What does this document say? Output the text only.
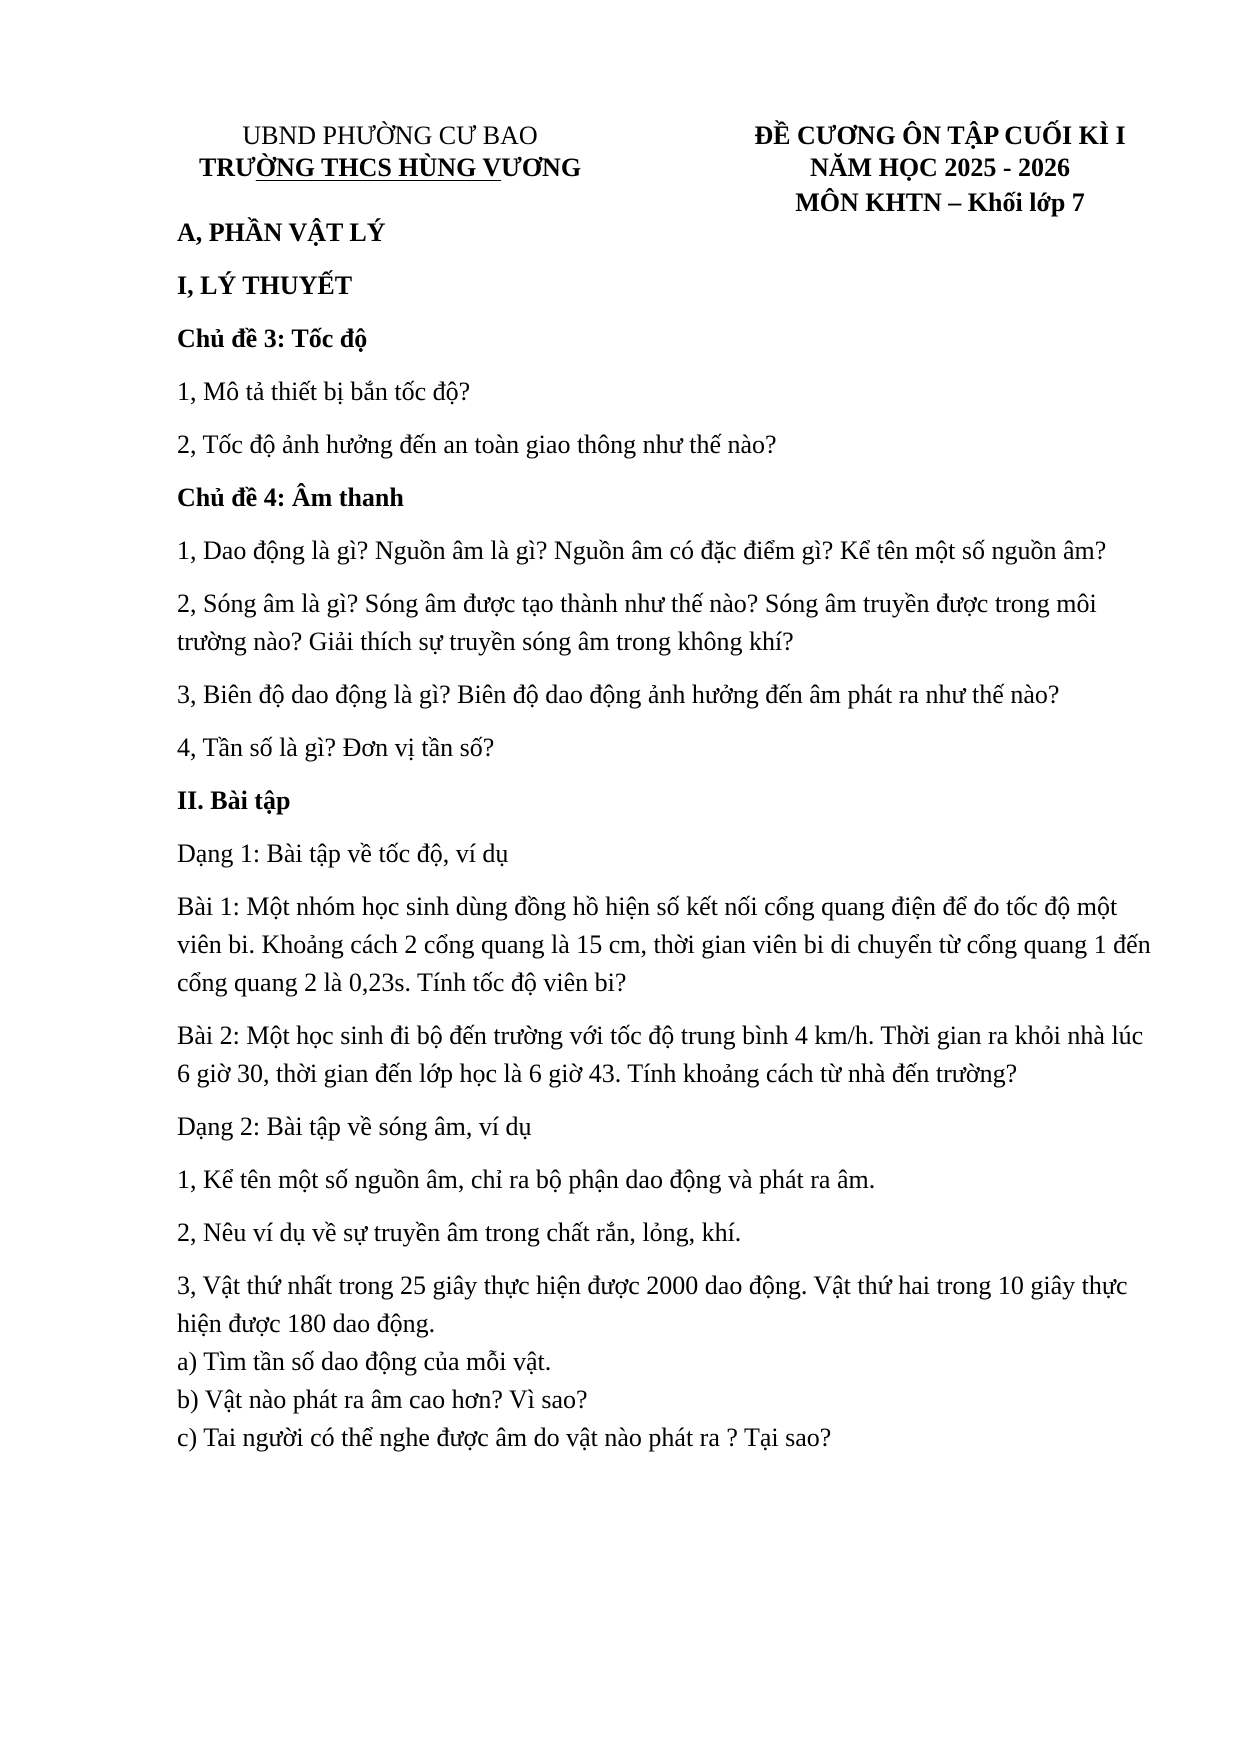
UBND PHƯỜNG CƯ BAO
TRƯỜNG THCS HÙNG VƯƠNG
ĐỀ CƯƠNG ÔN TẬP CUỐI KÌ I
NĂM HỌC 2025 - 2026
MÔN KHTN – Khối lớp 7

A, PHẦN VẬT LÝ

I, LÝ THUYẾT

Chủ đề 3: Tốc độ

1, Mô tả thiết bị bắn tốc độ?

2, Tốc độ ảnh hưởng đến an toàn giao thông như thế nào?

Chủ đề 4: Âm thanh

1, Dao động là gì? Nguồn âm là gì? Nguồn âm có đặc điểm gì? Kể tên một số nguồn âm?

2, Sóng âm là gì? Sóng âm được tạo thành như thế nào? Sóng âm truyền được trong môi trường nào? Giải thích sự truyền sóng âm trong không khí?

3, Biên độ dao động là gì? Biên độ dao động ảnh hưởng đến âm phát ra như thế nào?

4, Tần số là gì? Đơn vị tần số?

II. Bài tập

Dạng 1: Bài tập về tốc độ, ví dụ

Bài 1: Một nhóm học sinh dùng đồng hồ hiện số kết nối cổng quang điện để đo tốc độ một viên bi. Khoảng cách 2 cổng quang là 15 cm, thời gian viên bi di chuyển từ cổng quang 1 đến cổng quang 2 là 0,23s. Tính tốc độ viên bi?

Bài 2: Một học sinh đi bộ đến trường với tốc độ trung bình 4 km/h. Thời gian ra khỏi nhà lúc 6 giờ 30, thời gian đến lớp học là 6 giờ 43. Tính khoảng cách từ nhà đến trường?

Dạng 2: Bài tập về sóng âm, ví dụ

1, Kể tên một số nguồn âm, chỉ ra bộ phận dao động và phát ra âm.

2, Nêu ví dụ về sự truyền âm trong chất rắn, lỏng, khí.

3, Vật thứ nhất trong 25 giây thực hiện được 2000 dao động. Vật thứ hai trong 10 giây thực hiện được 180 dao động.

a) Tìm tần số dao động của mỗi vật.

b) Vật nào phát ra âm cao hơn? Vì sao?

c) Tai người có thể nghe được âm do vật nào phát ra ? Tại sao?
